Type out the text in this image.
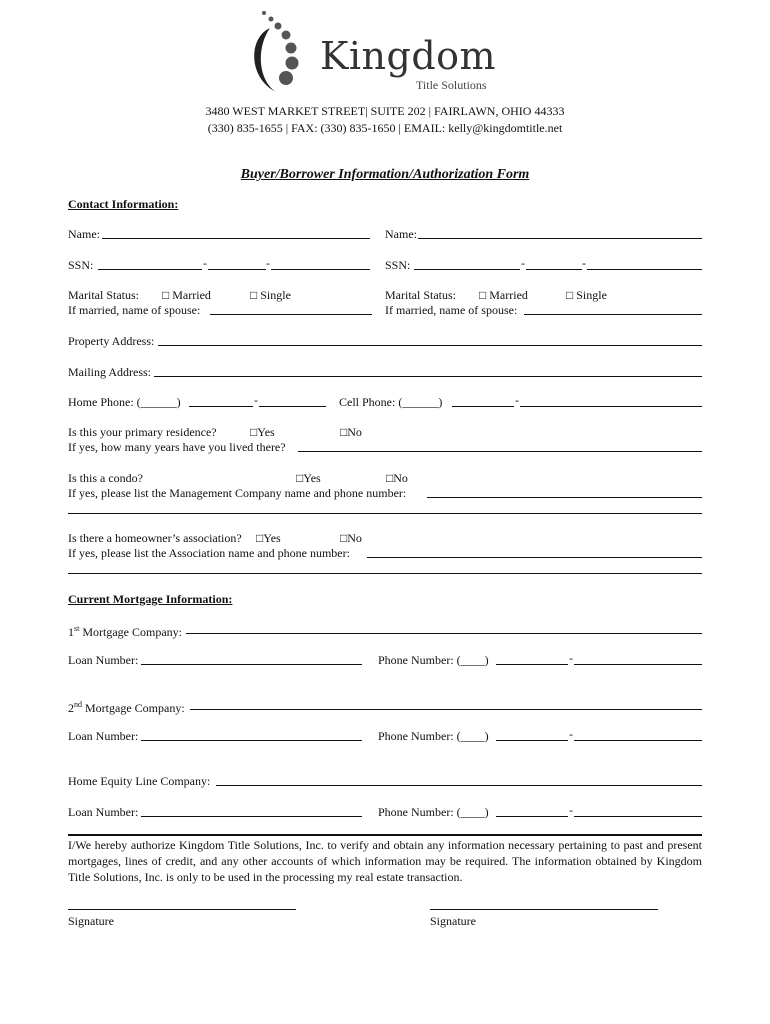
Kingdom
Title Solutions
3480 WEST MARKET STREET| SUITE 202 | FAIRLAWN, OHIO 44333
(330) 835-1655 | FAX: (330) 835-1650 | EMAIL: kelly@kingdomtitle.net
Buyer/Borrower Information/Authorization Form
Contact Information:
Name:	Name:
SSN:	-	-	SSN:	-	-
Marital Status: □ Married	□ Single	Marital Status: □ Married	□ Single
If married, name of spouse:	If married, name of spouse:
Property Address:
Mailing Address:
Home Phone: (______)	-	Cell Phone: (______)	-
Is this your primary residence?	□Yes	□No
If yes, how many years have you lived there?
Is this a condo?	□Yes	□No
If yes, please list the Management Company name and phone number:
Is there a homeowner’s association? □Yes	□No
If yes, please list the Association name and phone number:
Current Mortgage Information:
1st Mortgage Company:
Loan Number:	Phone Number: (____)	-
2nd Mortgage Company:
Loan Number:	Phone Number: (____)	-
Home Equity Line Company:
Loan Number:	Phone Number: (____)	-
I/We hereby authorize Kingdom Title Solutions, Inc. to verify and obtain any information necessary pertaining to past and present mortgages, lines of credit, and any other accounts of which information may be required. The information obtained by Kingdom Title Solutions, Inc. is only to be used in the processing my real estate transaction.
Signature	Signature
